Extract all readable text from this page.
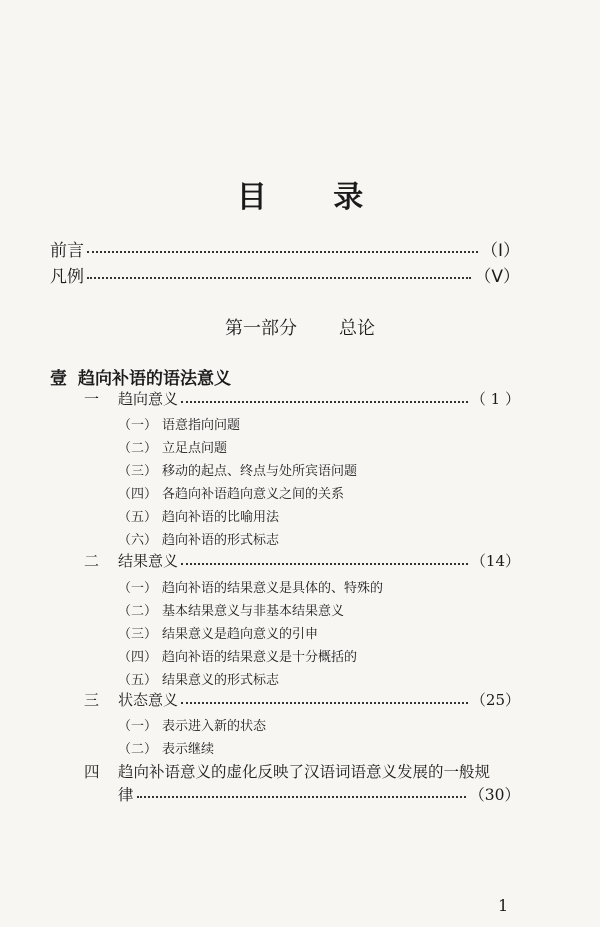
目 录
前言	（Ⅰ）
凡例	（Ⅴ）
第一部分 总论
壹 趋向补语的语法意义
一	趋向意义	（ 1 ）
（一） 语意指向问题
（二） 立足点问题
（三） 移动的起点、终点与处所宾语问题
（四） 各趋向补语趋向意义之间的关系
（五） 趋向补语的比喻用法
（六） 趋向补语的形式标志
二	结果意义	（14）
（一） 趋向补语的结果意义是具体的、特殊的
（二） 基本结果意义与非基本结果意义
（三） 结果意义是趋向意义的引申
（四） 趋向补语的结果意义是十分概括的
（五） 结果意义的形式标志
三	状态意义	（25）
（一） 表示进入新的状态
（二） 表示继续
四	趋向补语意义的虚化反映了汉语词语意义发展的一般规
律	（30）
1
